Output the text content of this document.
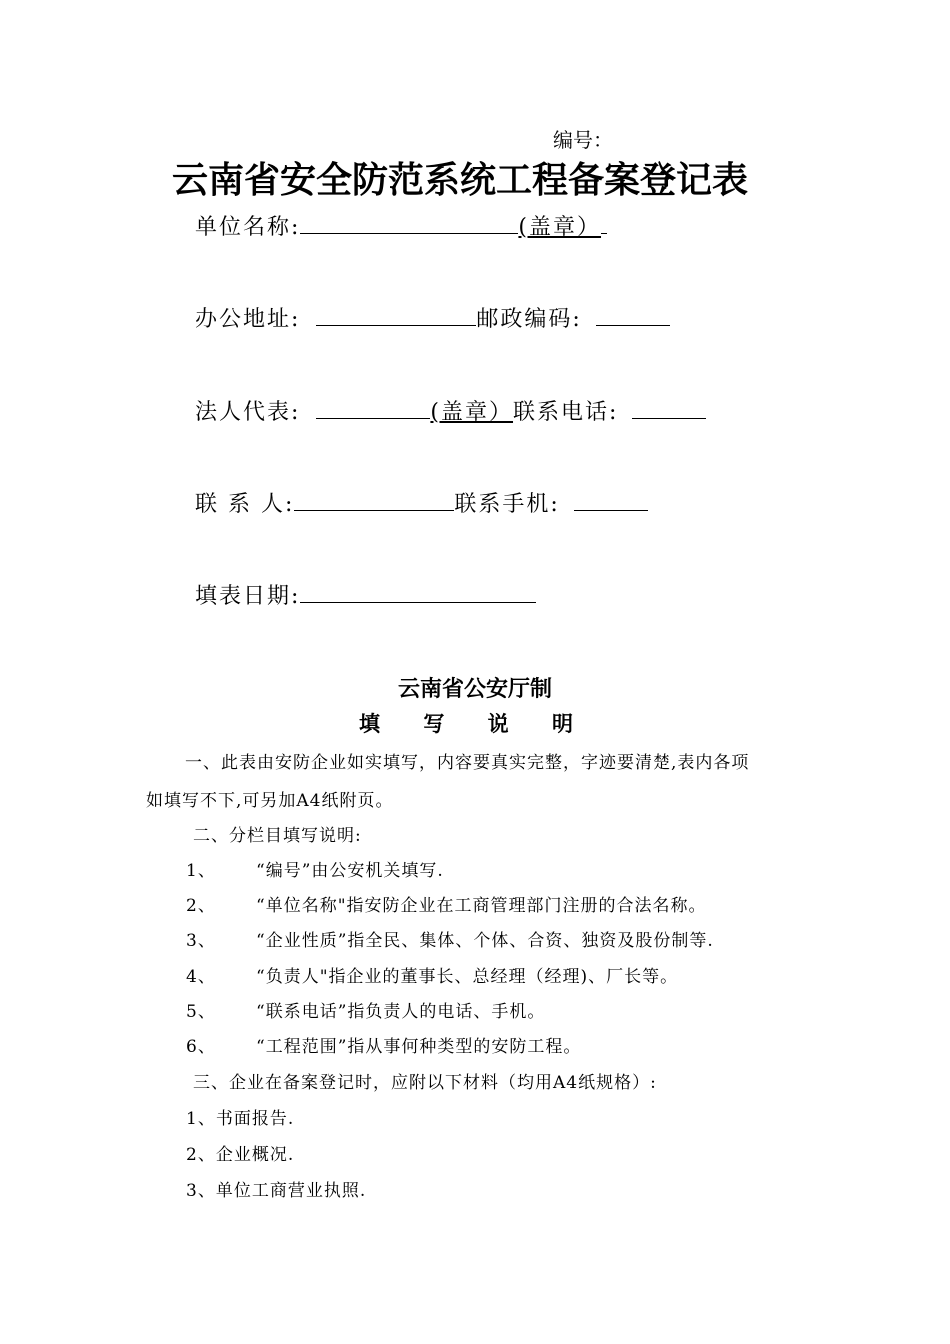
编号：
云南省安全防范系统工程备案登记表
单位名称:	(盖章）
办公地址:	邮政编码:
法人代表:	(盖章）联系电话:
联 系 人:	联系手机:
填表日期:
云南省公安厅制
填 写 说 明
一、此表由安防企业如实填写，内容要真实完整，字迹要清楚,表内各项
如填写不下,可另加A4纸附页。
二、分栏目填写说明:
1、 “编号”由公安机关填写.
2、 “单位名称"指安防企业在工商管理部门注册的合法名称。
3、 “企业性质”指全民、集体、个体、合资、独资及股份制等.
4、 “负责人"指企业的董事长、总经理（经理)、厂长等。
5、 “联系电话”指负责人的电话、手机。
6、 “工程范围”指从事何种类型的安防工程。
三、企业在备案登记时，应附以下材料（均用A4纸规格）:
1、书面报告.
2、企业概况.
3、单位工商营业执照.
